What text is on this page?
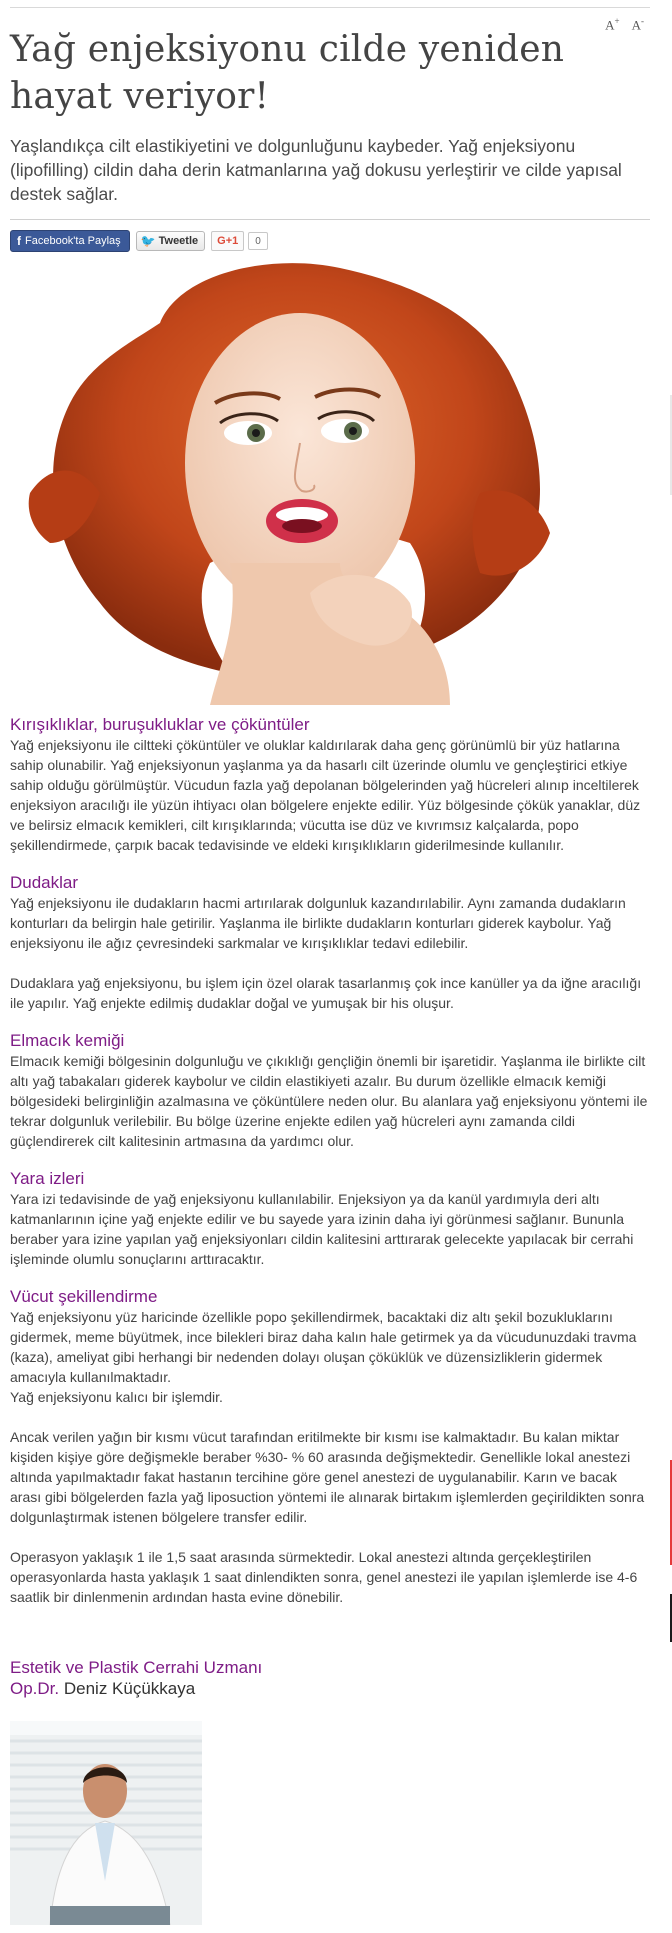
A+ A-
Yağ enjeksiyonu cilde yeniden hayat veriyor!

Yaşlandıkça cilt elastikiyetini ve dolgunluğunu kaybeder. Yağ enjeksiyonu (lipofilling) cildin daha derin katmanlarına yağ dokusu yerleştirir ve cilde yapısal destek sağlar.

f Facebook'ta Paylaş 🐦 Tweetle G+1	0
Kırışıklıklar, buruşukluklar ve çöküntüler

Yağ enjeksiyonu ile ciltteki çöküntüler ve oluklar kaldırılarak daha genç görünümlü bir yüz hatlarına sahip olunabilir. Yağ enjeksiyonun yaşlanma ya da hasarlı cilt üzerinde olumlu ve gençleştirici etkiye sahip olduğu görülmüştür. Vücudun fazla yağ depolanan bölgelerinden yağ hücreleri alınıp inceltilerek enjeksiyon aracılığı ile yüzün ihtiyacı olan bölgelere enjekte edilir. Yüz bölgesinde çökük yanaklar, düz ve belirsiz elmacık kemikleri, cilt kırışıklarında; vücutta ise düz ve kıvrımsız kalçalarda, popo şekillendirmede, çarpık bacak tedavisinde ve eldeki kırışıklıkların giderilmesinde kullanılır.

Dudaklar

Yağ enjeksiyonu ile dudakların hacmi artırılarak dolgunluk kazandırılabilir. Aynı zamanda dudakların konturları da belirgin hale getirilir. Yaşlanma ile birlikte dudakların konturları giderek kaybolur. Yağ enjeksiyonu ile ağız çevresindeki sarkmalar ve kırışıklıklar tedavi edilebilir.

Dudaklara yağ enjeksiyonu, bu işlem için özel olarak tasarlanmış çok ince kanüller ya da iğne aracılığı ile yapılır. Yağ enjekte edilmiş dudaklar doğal ve yumuşak bir his oluşur.

Elmacık kemiği

Elmacık kemiği bölgesinin dolgunluğu ve çıkıklığı gençliğin önemli bir işaretidir. Yaşlanma ile birlikte cilt altı yağ tabakaları giderek kaybolur ve cildin elastikiyeti azalır. Bu durum özellikle elmacık kemiği bölgesideki belirginliğin azalmasına ve çöküntülere neden olur. Bu alanlara yağ enjeksiyonu yöntemi ile tekrar dolgunluk verilebilir. Bu bölge üzerine enjekte edilen yağ hücreleri aynı zamanda cildi güçlendirerek cilt kalitesinin artmasına da yardımcı olur.

Yara izleri

Yara izi tedavisinde de yağ enjeksiyonu kullanılabilir. Enjeksiyon ya da kanül yardımıyla deri altı katmanlarının içine yağ enjekte edilir ve bu sayede yara izinin daha iyi görünmesi sağlanır. Bununla beraber yara izine yapılan yağ enjeksiyonları cildin kalitesini arttırarak gelecekte yapılacak bir cerrahi işleminde olumlu sonuçlarını arttıracaktır.

Vücut şekillendirme

Yağ enjeksiyonu yüz haricinde özellikle popo şekillendirmek, bacaktaki diz altı şekil bozukluklarını gidermek, meme büyütmek, ince bilekleri biraz daha kalın hale getirmek ya da vücudunuzdaki travma (kaza), ameliyat gibi herhangi bir nedenden dolayı oluşan çöküklük ve düzensizliklerin gidermek amacıyla kullanılmaktadır.

Yağ enjeksiyonu kalıcı bir işlemdir.

Ancak verilen yağın bir kısmı vücut tarafından eritilmekte bir kısmı ise kalmaktadır. Bu kalan miktar kişiden kişiye göre değişmekle beraber %30- % 60 arasında değişmektedir. Genellikle lokal anestezi altında yapılmaktadır fakat hastanın tercihine göre genel anestezi de uygulanabilir. Karın ve bacak arası gibi bölgelerden fazla yağ liposuction yöntemi ile alınarak birtakım işlemlerden geçirildikten sonra dolgunlaştırmak istenen bölgelere transfer edilir.

Operasyon yaklaşık 1 ile 1,5 saat arasında sürmektedir. Lokal anestezi altında gerçekleştirilen operasyonlarda hasta yaklaşık 1 saat dinlendikten sonra, genel anestezi ile yapılan işlemlerde ise 4-6 saatlik bir dinlenmenin ardından hasta evine dönebilir.

Estetik ve Plastik Cerrahi Uzmanı
Op.Dr. Deniz Küçükkaya
